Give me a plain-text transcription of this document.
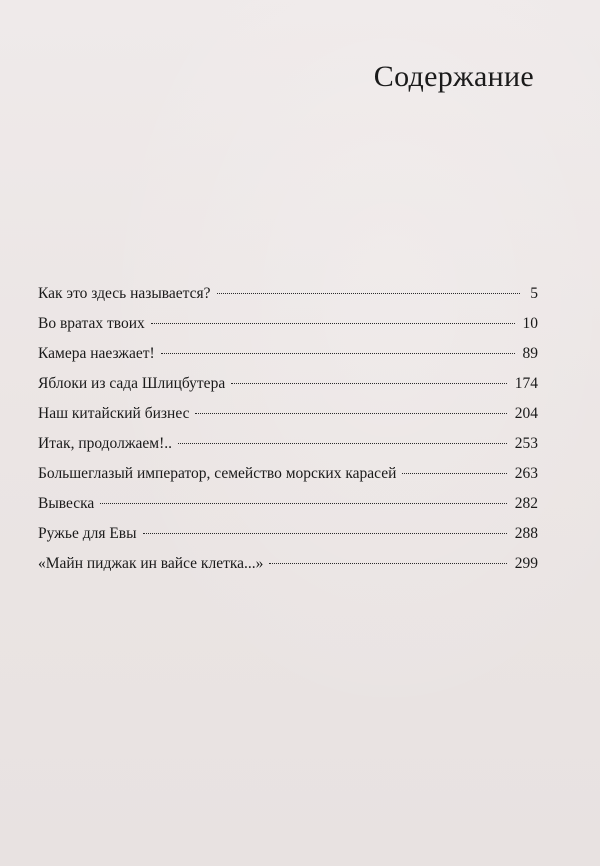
Содержание
Как это здесь называется?	5
Во вратах твоих	10
Камера наезжает!	89
Яблоки из сада Шлицбутера	174
Наш китайский бизнес	204
Итак, продолжаем!..	253
Большеглазый император, семейство морских карасей	263
Вывеска	282
Ружье для Евы	288
«Майн пиджак ин вайсе клетка...»	299
